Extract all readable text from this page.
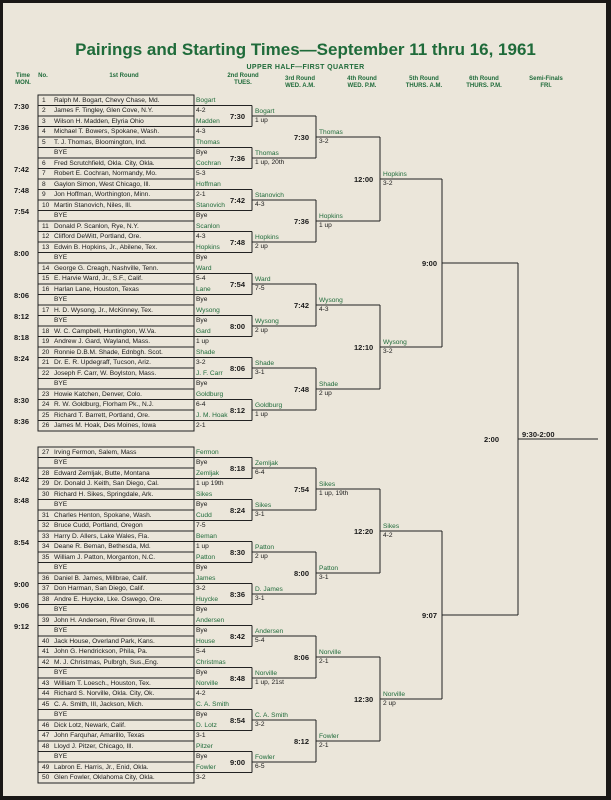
Pairings and Starting Times—September 11 thru 16, 1961
UPPER HALF—FIRST QUARTER
Time
MON.
No.	1st Round	2nd Round
TUES.
3rd Round
WED. A.M.
4th Round
WED. P.M.
5th Round
THURS. A.M.
6th Round
THURS. P.M.
Semi-Finals
FRI.
1 Ralph M. Bogart, Chevy Chase, Md.
2 James F. Tingley, Glen Cove, N.Y.
3 Wilson H. Madden, Elyria Ohio
4 Michael T. Bowers, Spokane, Wash.
5 T. J. Thomas, Bloomington, Ind.
BYE
6 Fred Scrutchfield, Okla. City, Okla.
7 Robert E. Cochran, Normandy, Mo.
8 Gaylon Simon, West Chicago, Ill.
9 Jon Hoffman, Worthington, Minn.
10 Martin Stanovich, Niles, Ill.
BYE
11 Donald P. Scanlon, Rye, N.Y.
12 Clifford DeWitt, Portland, Ore.
13 Edwin B. Hopkins, Jr., Abilene, Tex.
BYE
14 George G. Creagh, Nashville, Tenn.
15 E. Harvie Ward, Jr., S.F., Calif.
16 Harlan Lane, Houston, Texas
BYE
17 H. D. Wysong, Jr., McKinney, Tex.
BYE
18 W. C. Campbell, Huntington, W.Va.
19 Andrew J. Gard, Wayland, Mass.
20 Ronnie D.B.M. Shade, Ednbgh. Scot.
21 Dr. E. R. Updegraff, Tucson, Ariz.
22 Joseph F. Carr, W. Boylston, Mass.
BYE
23 Howie Katchen, Denver, Colo.
24 R. W. Goldburg, Florham Pk., N.J.
25 Richard T. Barrett, Portland, Ore.
26 James M. Hoak, Des Moines, Iowa
27 Irving Fermon, Salem, Mass
BYE
28 Edward Zemljak, Butte, Montana
29 Dr. Donald J. Keith, San Diego, Cal.
30 Richard H. Sikes, Springdale, Ark.
BYE
31 Charles Henton, Spokane, Wash.
32 Bruce Cudd, Portland, Oregon
33 Harry D. Allers, Lake Wales, Fla.
34 Deane R. Beman, Bethesda, Md.
35 William J. Patton, Morganton, N.C.
BYE
36 Daniel B. James, Millbrae, Calif.
37 Don Harman, San Diego, Calif.
38 Andre E. Huycke, Lke. Oswego, Ore.
BYE
39 John H. Andersen, River Grove, Ill.
BYE
40 Jack House, Overland Park, Kans.
41 John G. Hendrickson, Phila, Pa.
42 M. J. Christmas, Pulbrgh, Sus.,Eng.
BYE
43 William T. Loesch., Houston, Tex.
44 Richard S. Norville, Okla. City, Ok.
45 C. A. Smith, III, Jackson, Mich.
BYE
46 Dick Lotz, Newark, Calif.
47 John Farquhar, Amarillo, Texas
48 Lloyd J. Pitzer, Chicago, Ill.
BYE
49 Labron E. Harris, Jr., Enid, Okla.
50 Glen Fowler, Oklahoma City, Okla.
7:30
7:36
7:42
7:48
7:54
8:00
8:06
8:12
8:18
8:24
8:30
8:36
8:42
8:48
8:54
9:00
9:06
9:12
Bogart
4-2
Madden
4-3
Thomas
Bye
Cochran
5-3
Hoffman
2-1
Stanovich
Bye
Scanlon
4-3
Hopkins
Bye
Ward
5-4
Lane
Bye
Wysong
Bye
Gard
1 up
Shade
3-2
J. F. Carr
Bye
Goldburg
6-4
J. M. Hoak
2-1
Fermon
Bye
Zemljak
1 up 19th
Sikes
Bye
Cudd
7-5
Beman
1 up
Patton
Bye
James
3-2
Huycke
Bye
Andersen
Bye
House
5-4
Christmas
Bye
Norville
4-2
C. A. Smith
Bye
D. Lotz
3-1
Pitzer
Bye
Fowler
3-2
7:30
7:36
7:42
7:48
7:54
8:00
8:06
8:12
8:18
8:24
8:30
8:36
8:42
8:48
8:54
9:00
Bogart
1 up
Thomas
1 up, 20th
Stanovich
4-3
Hopkins
2 up
Ward
7-5
Wysong
2 up
Shade
3-1
Goldburg
1 up
Zemljak
6-4
Sikes
3-1
Patton
2 up
D. James
3-1
Andersen
5-4
Norville
1 up, 21st
C. A. Smith
3-2
Fowler
6-5
7:30
7:36
7:42
7:48
7:54
8:00
8:06
8:12
Thomas
3-2
Hopkins
1 up
Wysong
4-3
Shade
2 up
Sikes
1 up, 19th
Patton
3-1
Norville
2-1
Fowler
2-1
12:00
12:10
12:20
12:30
Hopkins
3-2
Wysong
3-2
Sikes
4-2
Norville
2 up
9:00
9:07
2:00
9:30-2:00
